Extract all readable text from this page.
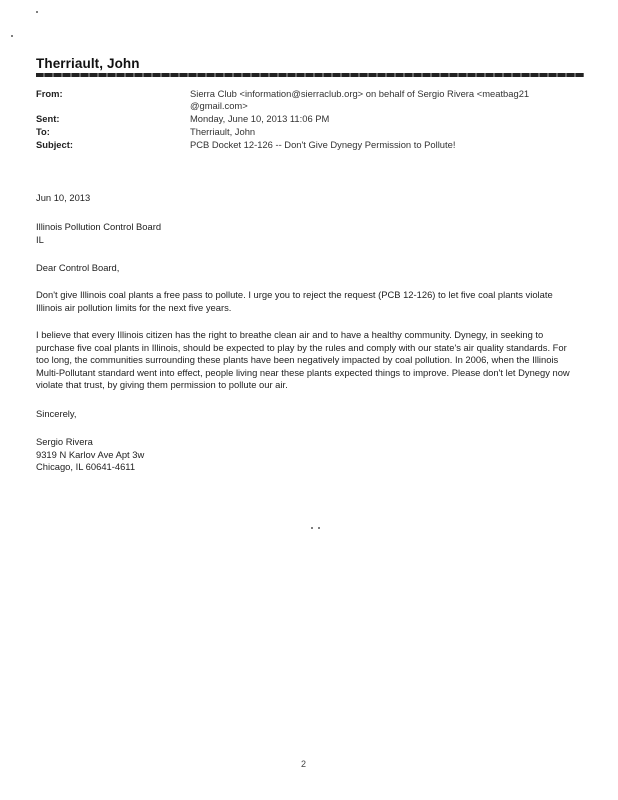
Therriault, John
From:	Sierra Club <information@sierraclub.org> on behalf of Sergio Rivera <meatbag21
@gmail.com>
Sent:	Monday, June 10, 2013 11:06 PM
To:	Therriault, John
Subject:	PCB Docket 12-126 -- Don't Give Dynegy Permission to Pollute!
Jun 10, 2013

Illinois Pollution Control Board

IL

Dear Control Board,
Don't give Illinois coal plants a free pass to pollute. I urge you to reject the request (PCB 12-126) to let five coal plants violate Illinois air pollution limits for the next five years.
I believe that every Illinois citizen has the right to breathe clean air and to have a healthy community. Dynegy, in seeking to purchase five coal plants in Illinois, should be expected to play by the rules and comply with our state's air quality standards. For too long, the communities surrounding these plants have been negatively impacted by coal pollution. In 2006, when the Illinois Multi-Pollutant standard went into effect, people living near these plants expected things to improve. Please don't let Dynegy now violate that trust, by giving them permission to pollute our air.
Sincerely,

Sergio Rivera

9319 N Karlov Ave Apt 3w

Chicago, IL 60641-4611

2
